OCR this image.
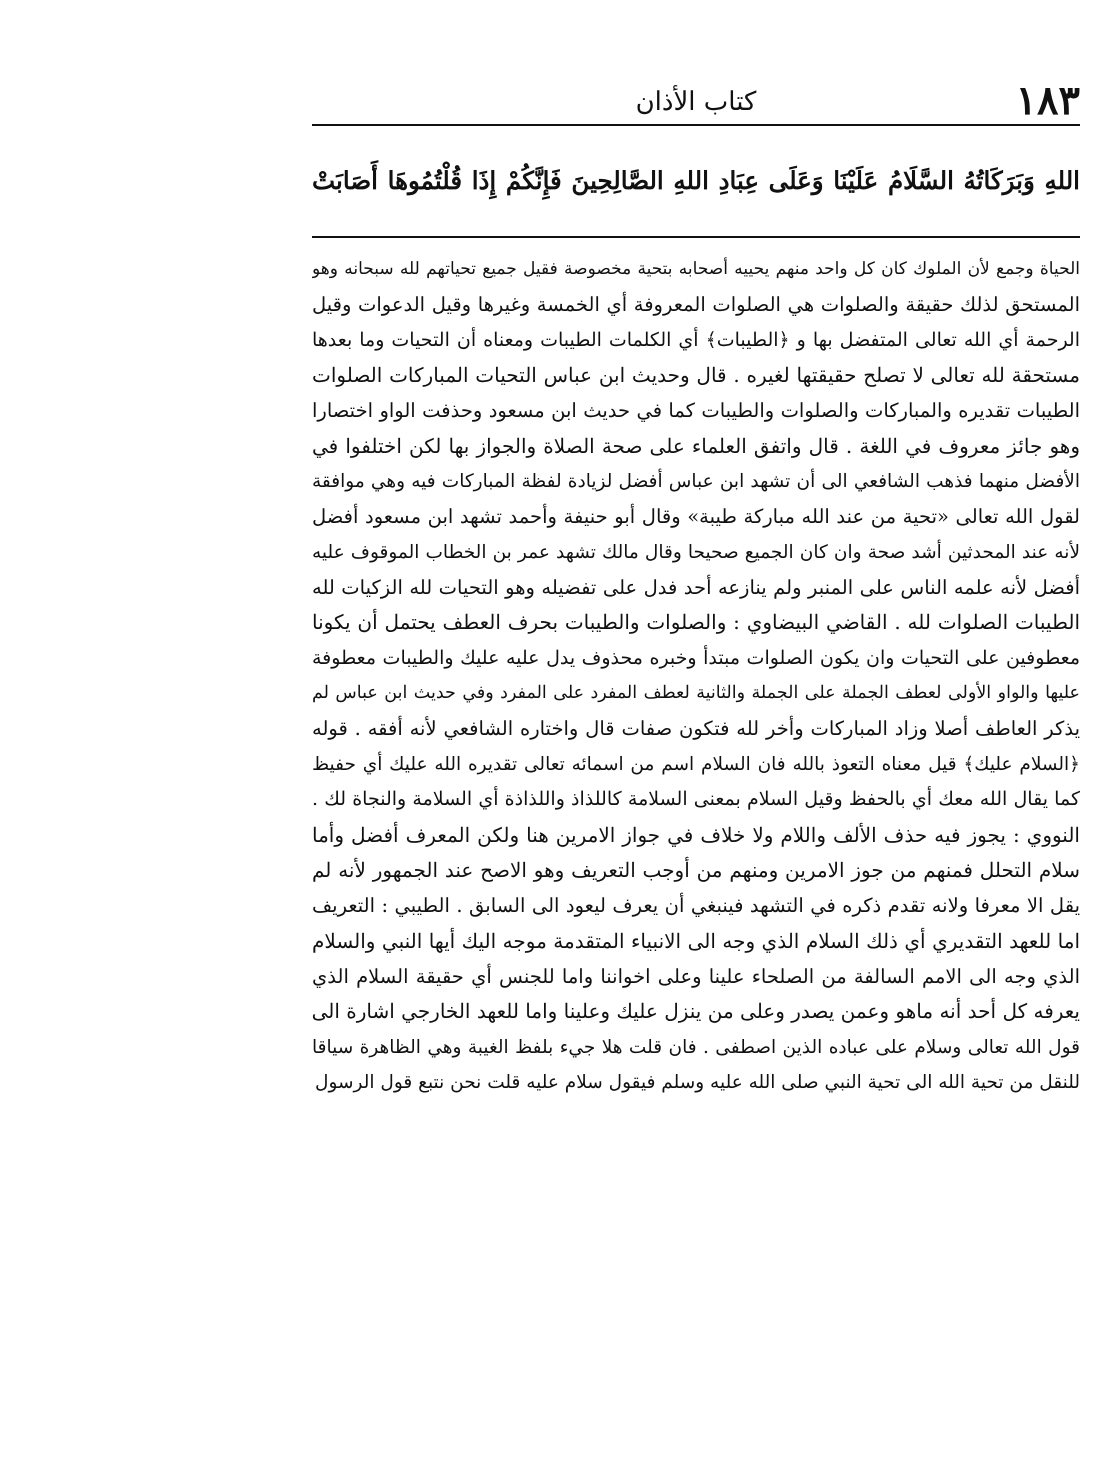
١٨٣
كتاب الأذان
اللهِ وَبَرَكَاتُهُ السَّلَامُ عَلَيْنَا وَعَلَى عِبَادِ اللهِ الصَّالِحِينَ فَإِنَّكُمْ إِذَا قُلْتُمُوهَا أَصَابَتْ
الحياة وجمع لأن الملوك كان كل واحد منهم يحييه أصحابه بتحية مخصوصة فقيل جميع تحياتهم لله سبحانه وهو
المستحق لذلك حقيقة والصلوات هي الصلوات المعروفة أي الخمسة وغيرها وقيل الدعوات وقيل
الرحمة أي الله تعالى المتفضل بها و ﴿الطيبات﴾ أي الكلمات الطيبات ومعناه أن التحيات وما بعدها
مستحقة لله تعالى لا تصلح حقيقتها لغيره . قال وحديث ابن عباس التحيات المباركات الصلوات
الطيبات تقديره والمباركات والصلوات والطيبات كما في حديث ابن مسعود وحذفت الواو اختصارا
وهو جائز معروف في اللغة . قال واتفق العلماء على صحة الصلاة والجواز بها لكن اختلفوا في
الأفضل منهما فذهب الشافعي الى أن تشهد ابن عباس أفضل لزيادة لفظة المباركات فيه وهي موافقة
لقول الله تعالى «تحية من عند الله مباركة طيبة» وقال أبو حنيفة وأحمد تشهد ابن مسعود أفضل
لأنه عند المحدثين أشد صحة وان كان الجميع صحيحا وقال مالك تشهد عمر بن الخطاب الموقوف عليه
أفضل لأنه علمه الناس على المنبر ولم ينازعه أحد فدل على تفضيله وهو التحيات لله الزكيات لله
الطيبات الصلوات لله . القاضي البيضاوي : والصلوات والطيبات بحرف العطف يحتمل أن يكونا
معطوفين على التحيات وان يكون الصلوات مبتدأ وخبره محذوف يدل عليه عليك والطيبات معطوفة
عليها والواو الأولى لعطف الجملة على الجملة والثانية لعطف المفرد على المفرد وفي حديث ابن عباس لم
يذكر العاطف أصلا وزاد المباركات وأخر لله فتكون صفات قال واختاره الشافعي لأنه أفقه . قوله
﴿السلام عليك﴾ قيل معناه التعوذ بالله فان السلام اسم من اسمائه تعالى تقديره الله عليك أي حفيظ
كما يقال الله معك أي بالحفظ وقيل السلام بمعنى السلامة كاللذاذ واللذاذة أي السلامة والنجاة لك .
النووي : يجوز فيه حذف الألف واللام ولا خلاف في جواز الامرين هنا ولكن المعرف أفضل وأما
سلام التحلل فمنهم من جوز الامرين ومنهم من أوجب التعريف وهو الاصح عند الجمهور لأنه لم
يقل الا معرفا ولانه تقدم ذكره في التشهد فينبغي أن يعرف ليعود الى السابق . الطيبي : التعريف
اما للعهد التقديري أي ذلك السلام الذي وجه الى الانبياء المتقدمة موجه اليك أيها النبي والسلام
الذي وجه الى الامم السالفة من الصلحاء علينا وعلى اخواننا واما للجنس أي حقيقة السلام الذي
يعرفه كل أحد أنه ماهو وعمن يصدر وعلى من ينزل عليك وعلينا واما للعهد الخارجي اشارة الى
قول الله تعالى وسلام على عباده الذين اصطفى . فان قلت هلا جيء بلفظ الغيبة وهي الظاهرة سياقا
للنقل من تحية الله الى تحية النبي صلى الله عليه وسلم فيقول سلام عليه قلت نحن نتبع قول الرسول
